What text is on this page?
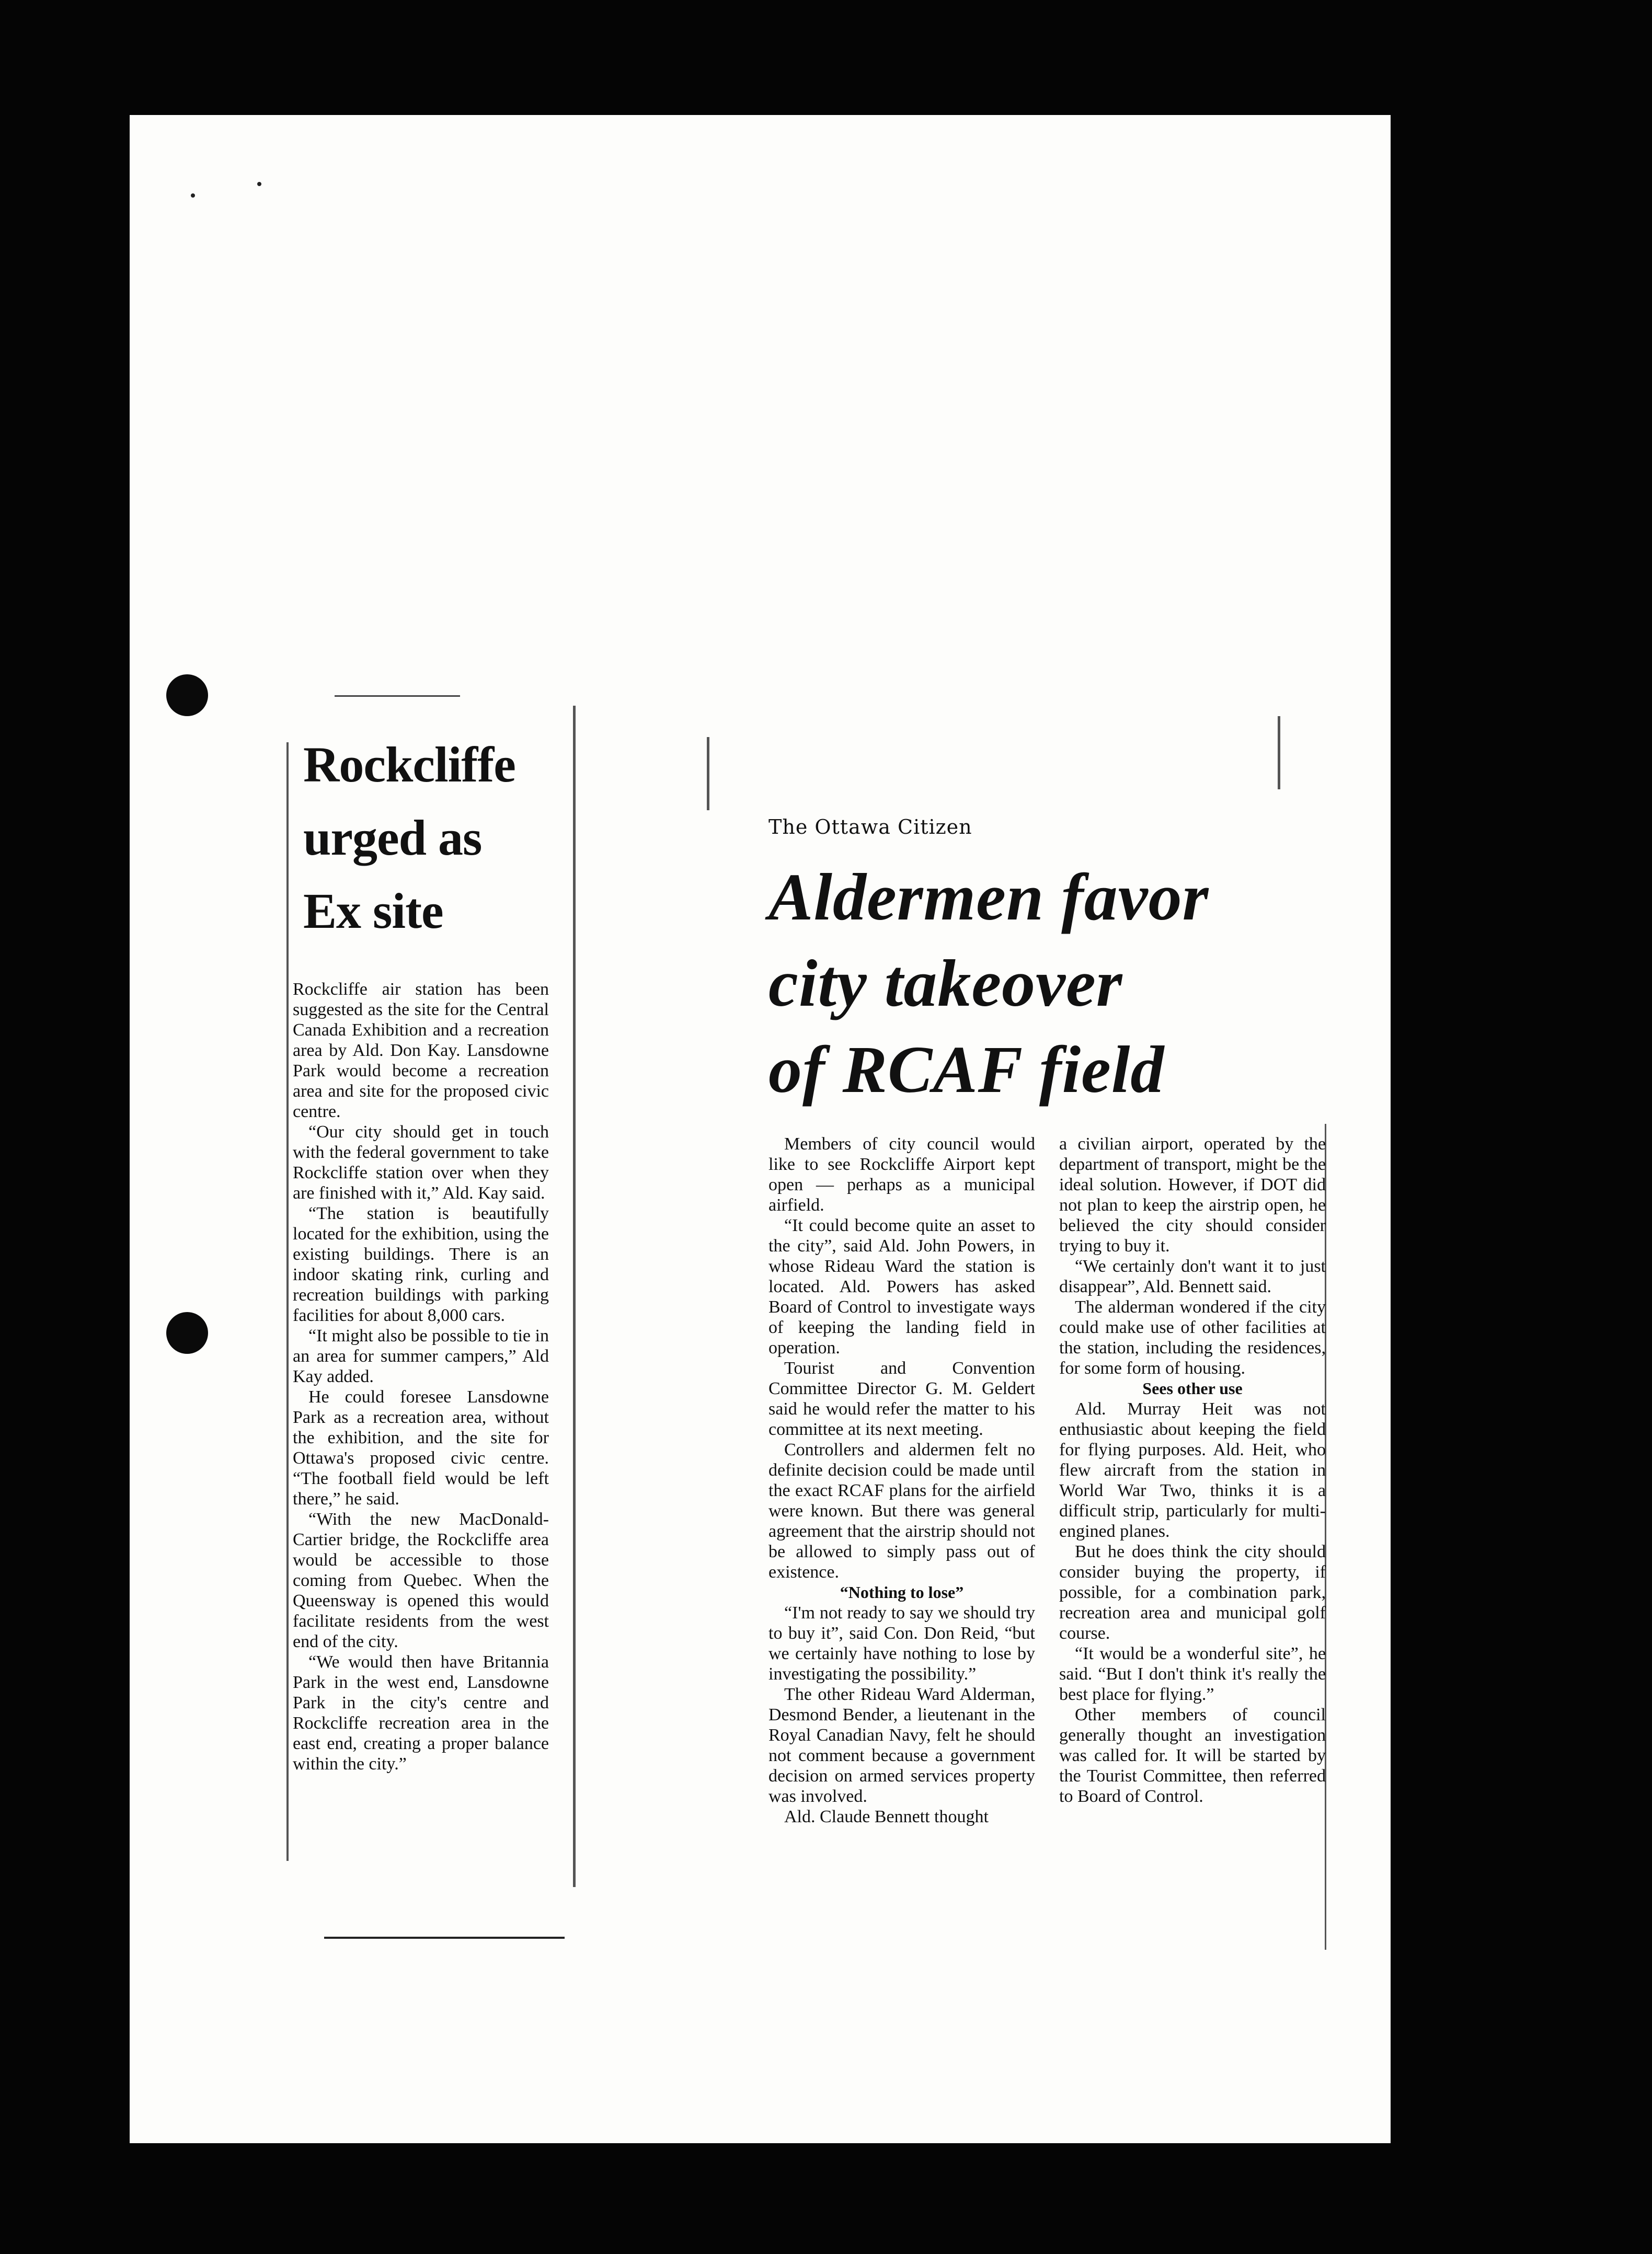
Rockcliffe
urged as
Ex site

Rockcliffe air station has been suggested as the site for the Central Canada Exhibition and a recreation area by Ald. Don Kay. Lansdowne Park would become a recreation area and site for the proposed civic centre.

“Our city should get in touch with the federal government to take Rockcliffe station over when they are finished with it,” Ald. Kay said.

“The station is beautifully located for the exhibition, using the existing buildings. There is an indoor skating rink, curling and recreation buildings with parking facilities for about 8,000 cars.

“It might also be possible to tie in an area for summer campers,” Ald Kay added.

He could foresee Lansdowne Park as a recreation area, without the exhibition, and the site for Ottawa's proposed civic centre. “The football field would be left there,” he said.

“With the new MacDonald-Cartier bridge, the Rockcliffe area would be accessible to those coming from Quebec. When the Queensway is opened this would facilitate residents from the west end of the city.

“We would then have Britannia Park in the west end, Lansdowne Park in the city's centre and Rockcliffe recreation area in the east end, creating a proper balance within the city.”

The Ottawa Citizen
Aldermen favor
city takeover
of RCAF field

Members of city council would like to see Rockcliffe Airport kept open — perhaps as a municipal airfield.

“It could become quite an asset to the city”, said Ald. John Powers, in whose Rideau Ward the station is located. Ald. Powers has asked Board of Control to investigate ways of keeping the landing field in operation.

Tourist and Convention Committee Director G. M. Geldert said he would refer the matter to his committee at its next meeting.

Controllers and aldermen felt no definite decision could be made until the exact RCAF plans for the airfield were known. But there was general agreement that the airstrip should not be allowed to simply pass out of existence.

“Nothing to lose”

“I'm not ready to say we should try to buy it”, said Con. Don Reid, “but we certainly have nothing to lose by investigating the possibility.”

The other Rideau Ward Alderman, Desmond Bender, a lieutenant in the Royal Canadian Navy, felt he should not comment because a government decision on armed services property was involved.

Ald. Claude Bennett thought

a civilian airport, operated by the department of transport, might be the ideal solution. However, if DOT did not plan to keep the airstrip open, he believed the city should consider trying to buy it.

“We certainly don't want it to just disappear”, Ald. Bennett said.

The alderman wondered if the city could make use of other facilities at the station, including the residences, for some form of housing.

Sees other use

Ald. Murray Heit was not enthusiastic about keeping the field for flying purposes. Ald. Heit, who flew aircraft from the station in World War Two, thinks it is a difficult strip, particularly for multi-engined planes.

But he does think the city should consider buying the property, if possible, for a combination park, recreation area and municipal golf course.

“It would be a wonderful site”, he said. “But I don't think it's really the best place for flying.”

Other members of council generally thought an investigation was called for. It will be started by the Tourist Committee, then referred to Board of Control.
